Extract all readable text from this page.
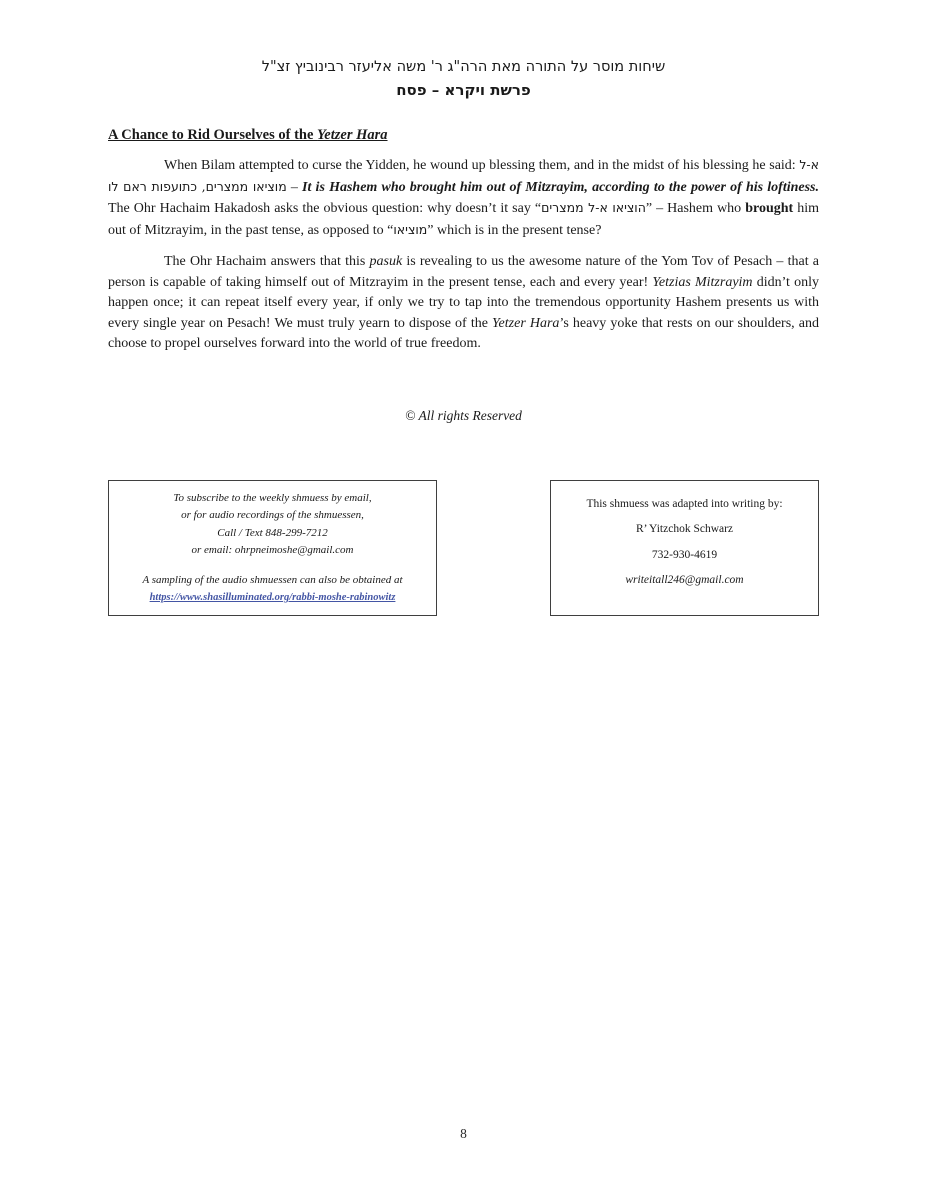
שיחות מוסר על התורה מאת הרה"ג ר' משה אליעזר רבינוביץ זצ"ל
פרשת ויקרא – פסח
A Chance to Rid Ourselves of the Yetzer Hara

When Bilam attempted to curse the Yidden, he wound up blessing them, and in the midst of his blessing he said: א-ל מוציאו ממצרים, כתועפות ראם לו – It is Hashem who brought him out of Mitzrayim, according to the power of his loftiness. The Ohr Hachaim Hakadosh asks the obvious question: why doesn’t it say “הוציאו א-ל ממצרים” – Hashem who brought him out of Mitzrayim, in the past tense, as opposed to “מוציאו” which is in the present tense?

The Ohr Hachaim answers that this pasuk is revealing to us the awesome nature of the Yom Tov of Pesach – that a person is capable of taking himself out of Mitzrayim in the present tense, each and every year! Yetzias Mitzrayim didn’t only happen once; it can repeat itself every year, if only we try to tap into the tremendous opportunity Hashem presents us with every single year on Pesach! We must truly yearn to dispose of the Yetzer Hara’s heavy yoke that rests on our shoulders, and choose to propel ourselves forward into the world of true freedom.

© All rights Reserved
To subscribe to the weekly shmuess by email,
or for audio recordings of the shmuessen,
Call / Text 848-299-7212
or email: ohrpneimoshe@gmail.com
A sampling of the audio shmuessen can also be obtained at
https://www.shasilluminated.org/rabbi-moshe-rabinowitz
This shmuess was adapted into writing by:
R’ Yitzchok Schwarz
732-930-4619
writeitall246@gmail.com
8
